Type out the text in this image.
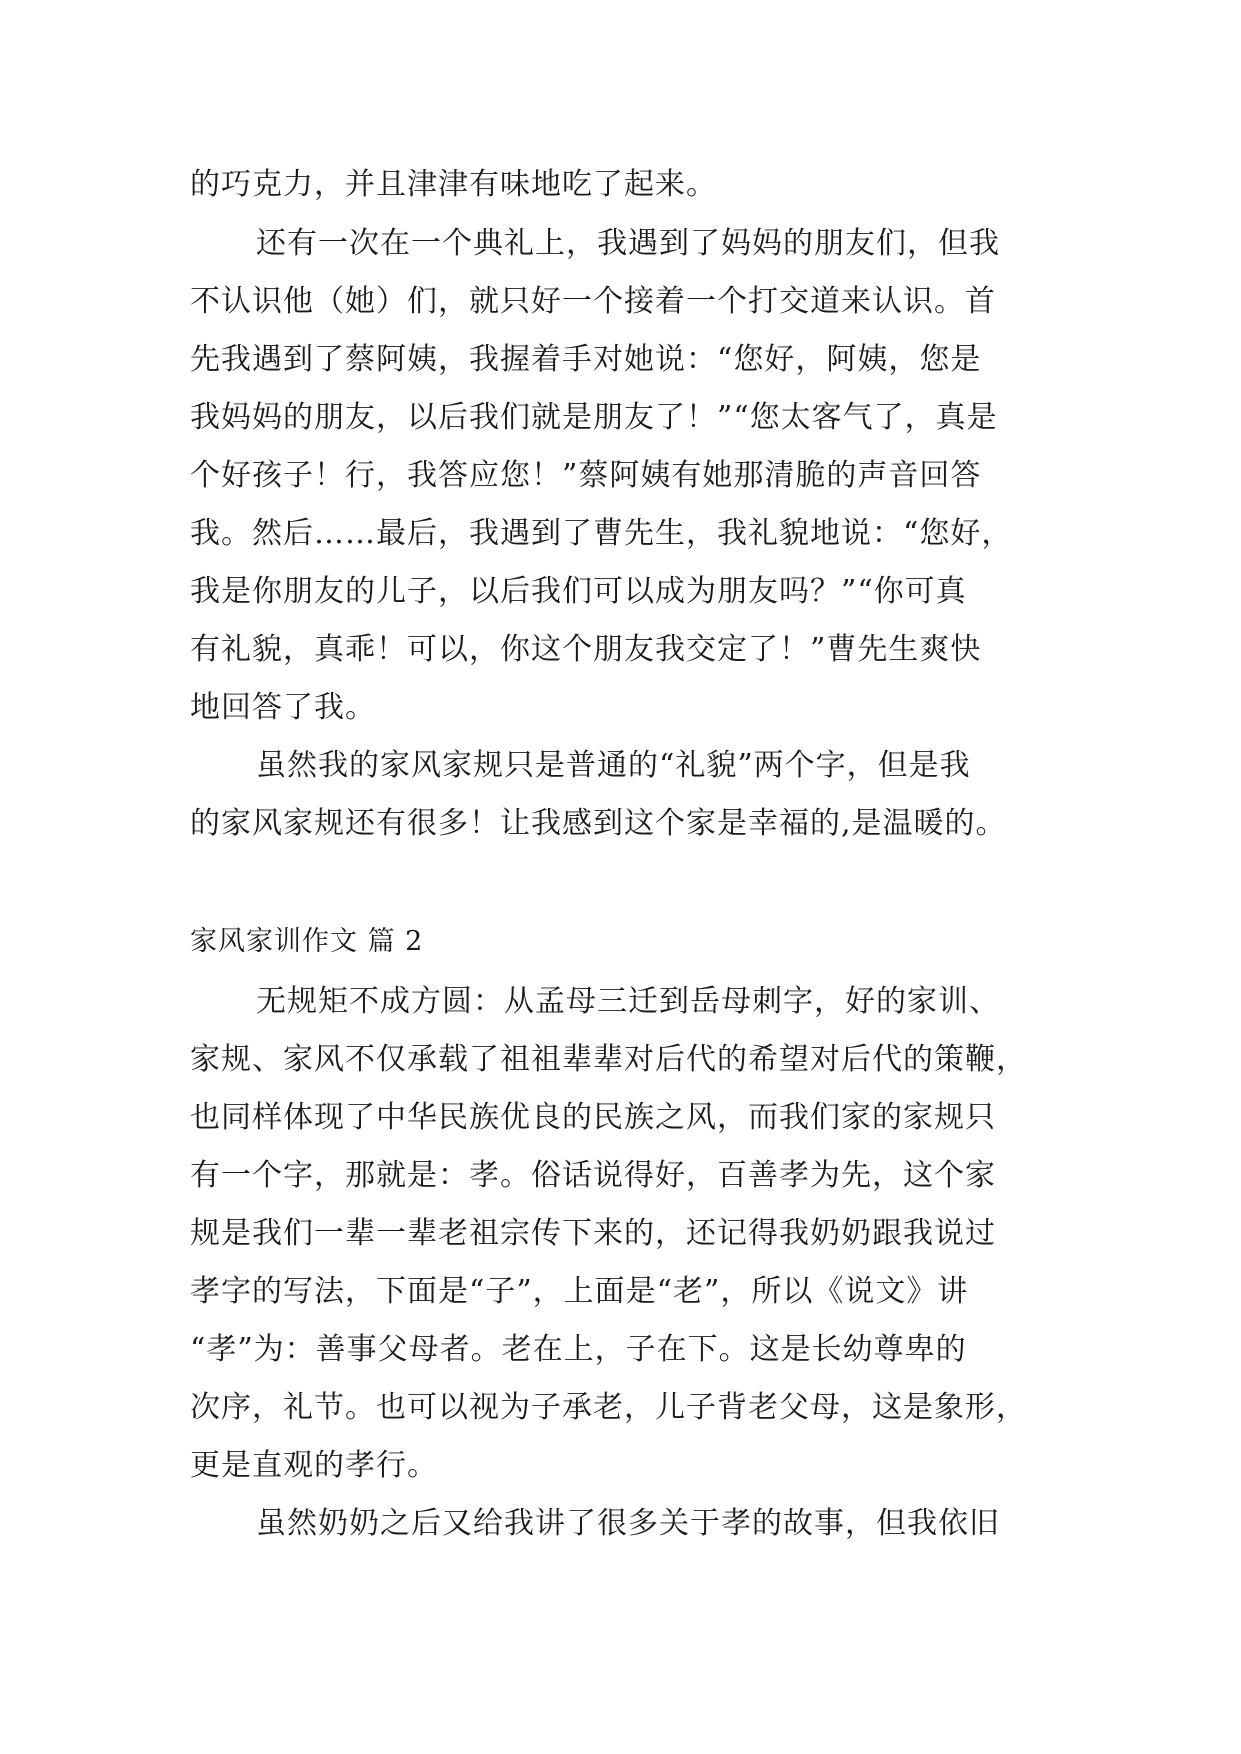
的巧克力，并且津津有味地吃了起来。
还有一次在一个典礼上，我遇到了妈妈的朋友们，但我
不认识他（她）们，就只好一个接着一个打交道来认识。首
先我遇到了蔡阿姨，我握着手对她说：“您好，阿姨，您是
我妈妈的朋友，以后我们就是朋友了！”“您太客气了，真是
个好孩子！行，我答应您！”蔡阿姨有她那清脆的声音回答
我。然后……最后，我遇到了曹先生，我礼貌地说：“您好，
我是你朋友的儿子，以后我们可以成为朋友吗？”“你可真
有礼貌，真乖！可以，你这个朋友我交定了！”曹先生爽快
地回答了我。
虽然我的家风家规只是普通的“礼貌”两个字，但是我
的家风家规还有很多！让我感到这个家是幸福的,是温暖的。
家风家训作文 篇 2
无规矩不成方圆：从孟母三迁到岳母刺字，好的家训、
家规、家风不仅承载了祖祖辈辈对后代的希望对后代的策鞭，
也同样体现了中华民族优良的民族之风，而我们家的家规只
有一个字，那就是：孝。俗话说得好，百善孝为先，这个家
规是我们一辈一辈老祖宗传下来的，还记得我奶奶跟我说过
孝字的写法，下面是“子”，上面是“老”，所以《说文》讲
“孝”为：善事父母者。老在上，子在下。这是长幼尊卑的
次序，礼节。也可以视为子承老，儿子背老父母，这是象形，
更是直观的孝行。
虽然奶奶之后又给我讲了很多关于孝的故事，但我依旧
